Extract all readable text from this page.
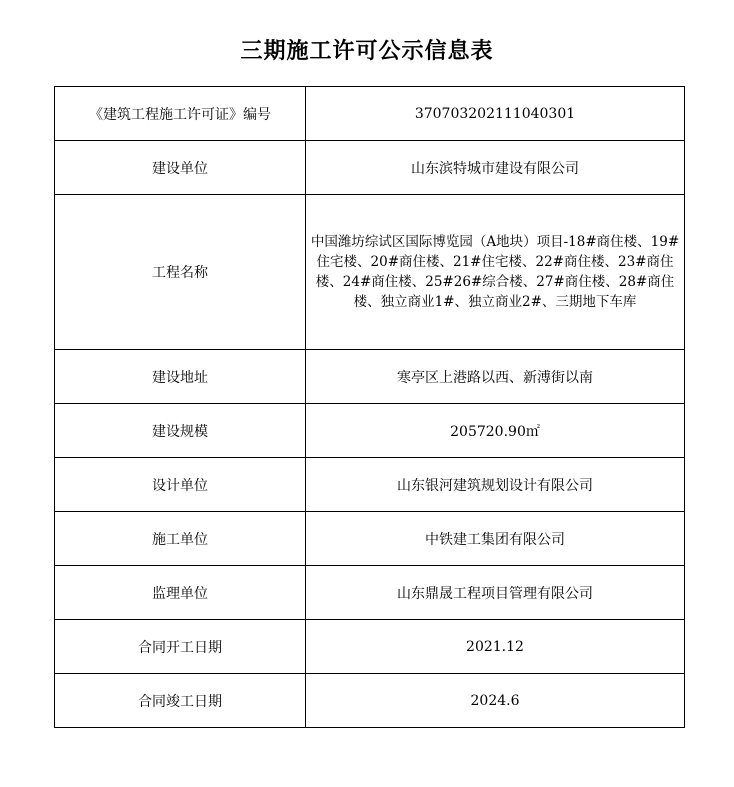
三期施工许可公示信息表
《建筑工程施工许可证》编号	370703202111040301
建设单位	山东滨特城市建设有限公司
工程名称	中国潍坊综试区国际博览园（A地块）项目-18#商住楼、19#住宅楼、20#商住楼、21#住宅楼、22#商住楼、23#商住楼、24#商住楼、25#26#综合楼、27#商住楼、28#商住楼、独立商业1#、独立商业2#、三期地下车库
建设地址	寒亭区上港路以西、新溥街以南
建设规模	205720.90㎡
设计单位	山东银河建筑规划设计有限公司
施工单位	中铁建工集团有限公司
监理单位	山东鼎晟工程项目管理有限公司
合同开工日期	2021.12
合同竣工日期	2024.6
